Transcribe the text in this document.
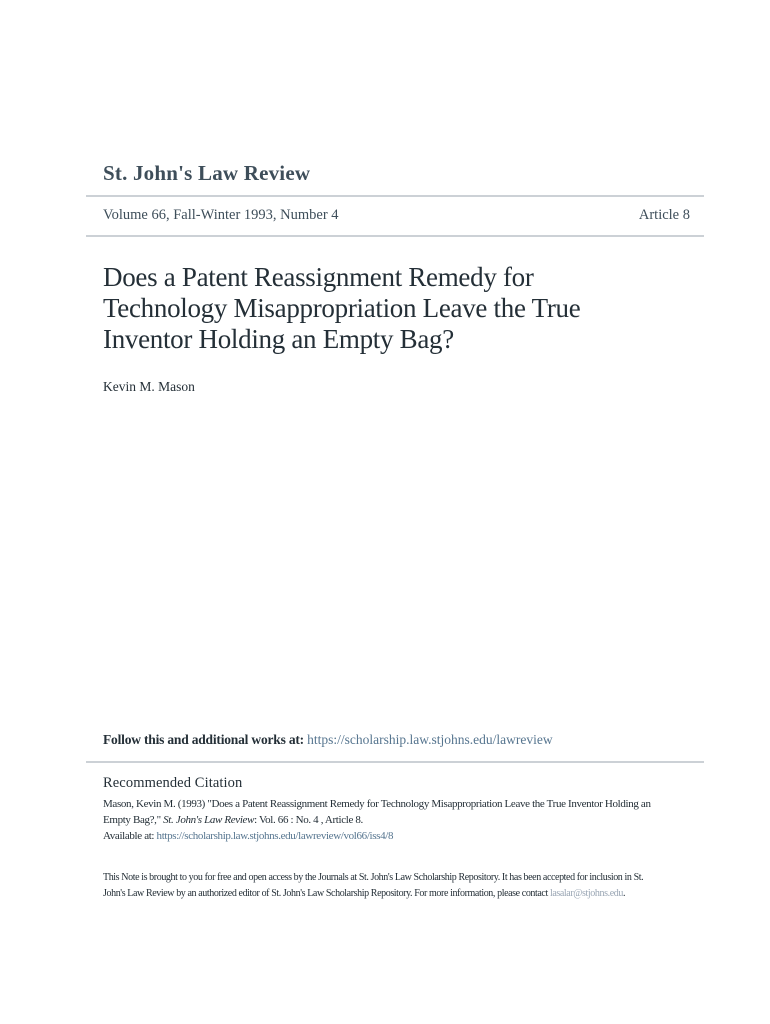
St. John's Law Review
Volume 66, Fall-Winter 1993, Number 4	Article 8
Does a Patent Reassignment Remedy for
Technology Misappropriation Leave the True
Inventor Holding an Empty Bag?
Kevin M. Mason
Follow this and additional works at: https://scholarship.law.stjohns.edu/lawreview
Recommended Citation
Mason, Kevin M. (1993) "Does a Patent Reassignment Remedy for Technology Misappropriation Leave the True Inventor Holding an
Empty Bag?," St. John's Law Review: Vol. 66 : No. 4 , Article 8.
Available at: https://scholarship.law.stjohns.edu/lawreview/vol66/iss4/8
This Note is brought to you for free and open access by the Journals at St. John's Law Scholarship Repository. It has been accepted for inclusion in St.
John's Law Review by an authorized editor of St. John's Law Scholarship Repository. For more information, please contact lasalar@stjohns.edu.
